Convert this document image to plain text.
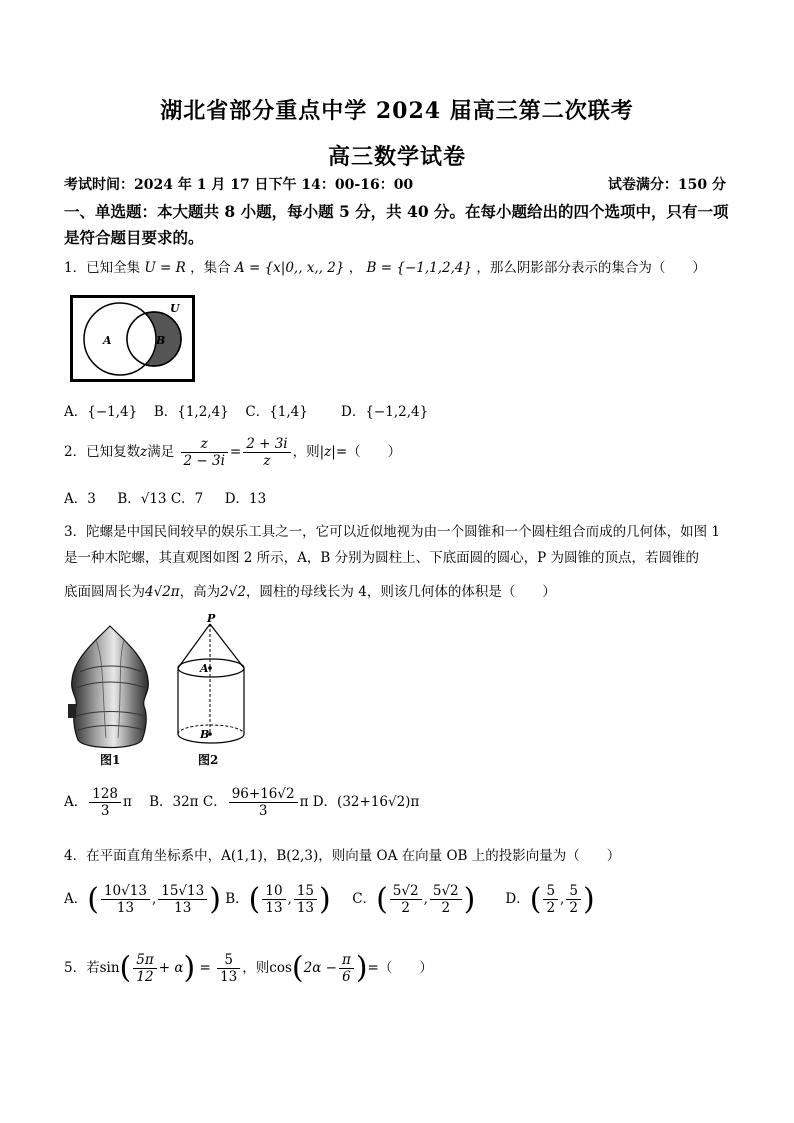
湖北省部分重点中学 2024 届高三第二次联考
高三数学试卷
考试时间：2024 年 1 月 17 日下午 14：00-16：00	试卷满分：150 分
一、单选题：本大题共 8 小题，每小题 5 分，共 40 分。在每小题给出的四个选项中，只有一项是符合题目要求的。
1．已知全集 U = R ，集合 A = {x|0,, x,, 2} ， B = {−1,1,2,4} ，那么阴影部分表示的集合为（　　）
U
A	B
A．{−1,4} B．{1,2,4} C．{1,4} D．{−1,2,4}
2．已知复数z满足 $\frac{z}{2 - 3i} = \frac{2 + 3i}{z}$ ，则|z|=（　　）
A．3 B．√13 C．7 D．13
3．陀螺是中国民间较早的娱乐工具之一，它可以近似地视为由一个圆锥和一个圆柱组合而成的几何体，如图 1
是一种木陀螺，其直观图如图 2 所示，A，B 分别为圆柱上、下底面圆的圆心，P 为圆锥的顶点，若圆锥的
底面圆周长为4√2π，高为2√2，圆柱的母线长为 4，则该几何体的体积是（　　）
图1
P
A
B
图2
A． $\frac{128}{3}$ π B．32π C． $\frac{96+16√2}{3}$ π D．(32+16√2)π
4．在平面直角坐标系中，A(1,1)，B(2,3)，则向量 OA 在向量 OB 上的投影向量为（　　）
A．( $\frac{10√13}{13}$ , $\frac{15√13}{13}$ ) B．( $\frac{10}{13}$ , $\frac{15}{13}$ ) C．( $\frac{5√2}{2}$ , $\frac{5√2}{2}$ ) D．( $\frac{5}{2}$ , $\frac{5}{2}$ )
5．若$\sin( \frac{5\pi}{12} + \alpha) = \frac{5}{13}$ ，则$\cos(2\alpha - \frac{\pi}{6}$ )=（　　）
